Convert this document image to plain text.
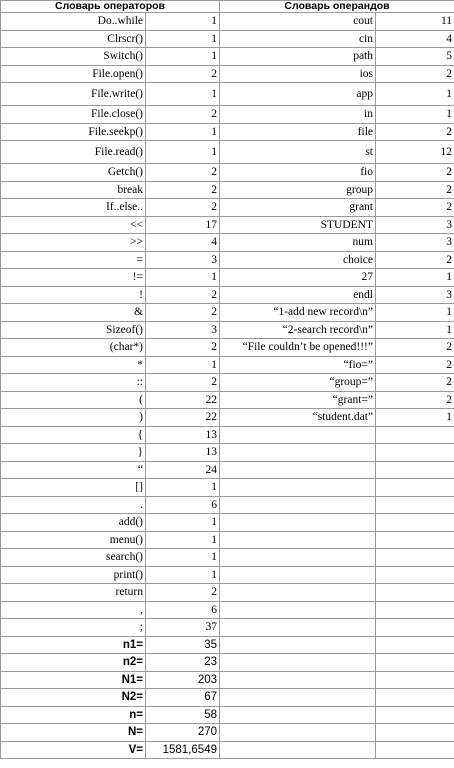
Словарь операторов		Словарь операндов	
Do..while	1	cout	11
Clrscr()	1	cin	4
Switch()	1	path	5
File.open()	2	ios	2
File.write()	1	app	1
File.close()	2	in	1
File.seekp()	1	file	2
File.read()	1	st	12
Getch()	2	fio	2
break	2	group	2
If..else..	2	grant	2
<<	17	STUDENT	3
>>	4	num	3
=	3	choice	2
!=	1	27	1
!	2	endl	3
&	2	“1-add new record\n”	1
Sizeof()	3	“2-search record\n”	1
(char*)	2	“File couldn’t be opened!!!”	2
*	1	“fio=”	2
::	2	“group=”	2
(	22	“grant=”	2
)	22	“student.dat”	1
{	13		
}	13		
“	24		
[]	1		
.	6		
add()	1		
menu()	1		
search()	1		
print()	1		
return	2		
,	6		
;	37		
n1=	35		
n2=	23		
N1=	203		
N2=	67		
n=	58		
N=	270		
V=	1581,6549		
